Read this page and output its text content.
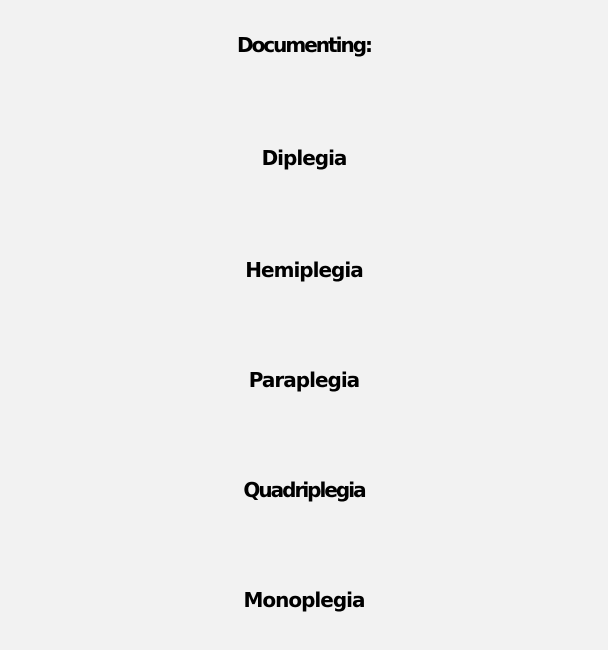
Documenting:
Diplegia
Hemiplegia
Paraplegia
Quadriplegia
Monoplegia
